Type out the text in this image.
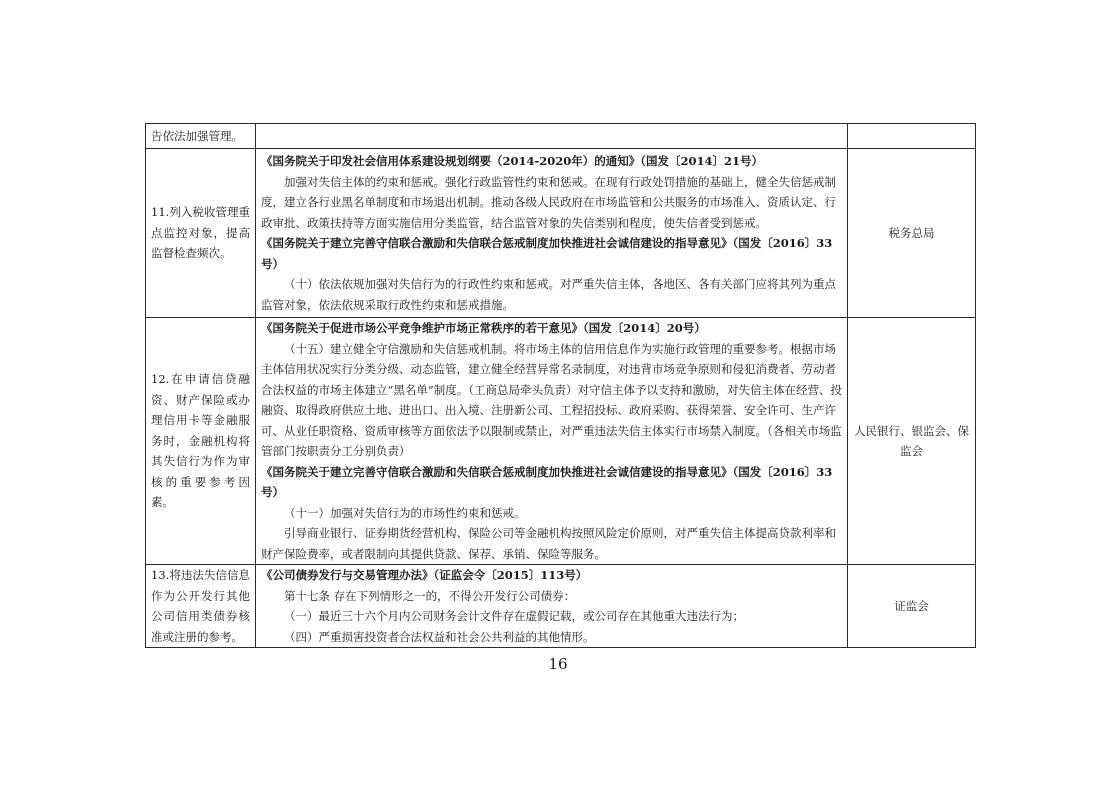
告依法加强管理。		
11.列入税收管理重点监控对象，提高监督检查频次。	《国务院关于印发社会信用体系建设规划纲要（2014-2020年）的通知》（国发〔2014〕21号）
加强对失信主体的约束和惩戒。强化行政监管性约束和惩戒。在现有行政处罚措施的基础上，健全失信惩戒制度，建立各行业黑名单制度和市场退出机制。推动各级人民政府在市场监管和公共服务的市场准入、资质认定、行政审批、政策扶持等方面实施信用分类监管，结合监管对象的失信类别和程度，使失信者受到惩戒。
《国务院关于建立完善守信联合激励和失信联合惩戒制度加快推进社会诚信建设的指导意见》（国发〔2016〕33号）
（十）依法依规加强对失信行为的行政性约束和惩戒。对严重失信主体，各地区、各有关部门应将其列为重点监管对象，依法依规采取行政性约束和惩戒措施。	税务总局
12.在申请信贷融资、财产保险或办理信用卡等金融服务时，金融机构将其失信行为作为审核的重要参考因素。	《国务院关于促进市场公平竞争维护市场正常秩序的若干意见》（国发〔2014〕20号）
（十五）建立健全守信激励和失信惩戒机制。将市场主体的信用信息作为实施行政管理的重要参考。根据市场主体信用状况实行分类分级、动态监管，建立健全经营异常名录制度，对违背市场竞争原则和侵犯消费者、劳动者合法权益的市场主体建立“黑名单”制度。（工商总局牵头负责）对守信主体予以支持和激励，对失信主体在经营、投融资、取得政府供应土地、进出口、出入境、注册新公司、工程招投标、政府采购、获得荣誉、安全许可、生产许可、从业任职资格、资质审核等方面依法予以限制或禁止，对严重违法失信主体实行市场禁入制度。（各相关市场监管部门按职责分工分别负责）
《国务院关于建立完善守信联合激励和失信联合惩戒制度加快推进社会诚信建设的指导意见》（国发〔2016〕33号）
（十一）加强对失信行为的市场性约束和惩戒。
引导商业银行、证券期货经营机构、保险公司等金融机构按照风险定价原则，对严重失信主体提高贷款利率和财产保险费率，或者限制向其提供贷款、保荐、承销、保险等服务。	人民银行、银监会、保监会
13.将违法失信信息作为公开发行其他公司信用类债券核准或注册的参考。	《公司债券发行与交易管理办法》（证监会令〔2015〕113号）
第十七条 存在下列情形之一的，不得公开发行公司债券：
（一）最近三十六个月内公司财务会计文件存在虚假记载，或公司存在其他重大违法行为；
（四）严重损害投资者合法权益和社会公共利益的其他情形。	证监会
16
